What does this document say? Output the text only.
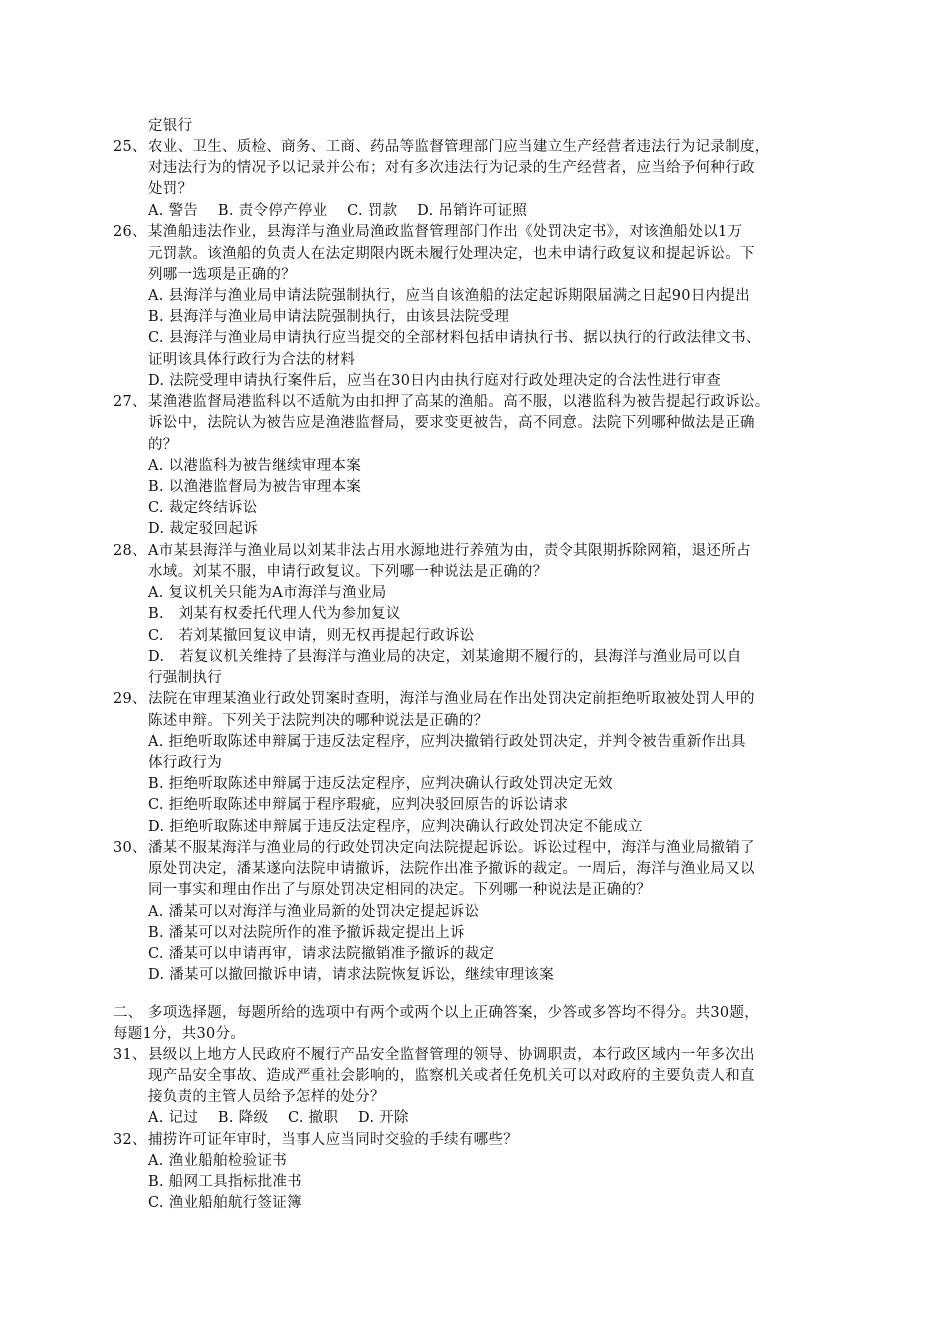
定银行
25、 农业、卫生、质检、商务、工商、药品等监督管理部门应当建立生产经营者违法行为记录制度，
对违法行为的情况予以记录并公布；对有多次违法行为记录的生产经营者，应当给予何种行政
处罚？
A. 警告　 B. 责令停产停业　 C. 罚款　 D. 吊销许可证照
26、 某渔船违法作业，县海洋与渔业局渔政监督管理部门作出《处罚决定书》，对该渔船处以1万
元罚款。该渔船的负责人在法定期限内既未履行处理决定，也未申请行政复议和提起诉讼。下
列哪一选项是正确的？
A. 县海洋与渔业局申请法院强制执行，应当自该渔船的法定起诉期限届满之日起90日内提出
B. 县海洋与渔业局申请法院强制执行，由该县法院受理
C. 县海洋与渔业局申请执行应当提交的全部材料包括申请执行书、据以执行的行政法律文书、
证明该具体行政行为合法的材料
D. 法院受理申请执行案件后，应当在30日内由执行庭对行政处理决定的合法性进行审查
27、 某渔港监督局港监科以不适航为由扣押了高某的渔船。高不服，以港监科为被告提起行政诉讼。
诉讼中，法院认为被告应是渔港监督局，要求变更被告，高不同意。法院下列哪种做法是正确
的？
A. 以港监科为被告继续审理本案
B. 以渔港监督局为被告审理本案
C. 裁定终结诉讼
D. 裁定驳回起诉
28、 A市某县海洋与渔业局以刘某非法占用水源地进行养殖为由，责令其限期拆除网箱，退还所占
水域。刘某不服，申请行政复议。下列哪一种说法是正确的？
A. 复议机关只能为A市海洋与渔业局
B.　刘某有权委托代理人代为参加复议
C.　若刘某撤回复议申请，则无权再提起行政诉讼
D.　若复议机关维持了县海洋与渔业局的决定，刘某逾期不履行的，县海洋与渔业局可以自
行强制执行
29、 法院在审理某渔业行政处罚案时查明，海洋与渔业局在作出处罚决定前拒绝听取被处罚人甲的
陈述申辩。下列关于法院判决的哪种说法是正确的？
A. 拒绝听取陈述申辩属于违反法定程序，应判决撤销行政处罚决定，并判令被告重新作出具
体行政行为
B. 拒绝听取陈述申辩属于违反法定程序，应判决确认行政处罚决定无效
C. 拒绝听取陈述申辩属于程序瑕疵，应判决驳回原告的诉讼请求
D. 拒绝听取陈述申辩属于违反法定程序，应判决确认行政处罚决定不能成立
30、 潘某不服某海洋与渔业局的行政处罚决定向法院提起诉讼。诉讼过程中，海洋与渔业局撤销了
原处罚决定，潘某遂向法院申请撤诉，法院作出准予撤诉的裁定。一周后，海洋与渔业局又以
同一事实和理由作出了与原处罚决定相同的决定。下列哪一种说法是正确的？
A. 潘某可以对海洋与渔业局新的处罚决定提起诉讼
B. 潘某可以对法院所作的准予撤诉裁定提出上诉
C. 潘某可以申请再审，请求法院撤销准予撤诉的裁定
D. 潘某可以撤回撤诉申请，请求法院恢复诉讼，继续审理该案
二、 多项选择题，每题所给的选项中有两个或两个以上正确答案，少答或多答均不得分。共30题，
每题1分，共30分。
31、 县级以上地方人民政府不履行产品安全监督管理的领导、协调职责，本行政区域内一年多次出
现产品安全事故、造成严重社会影响的，监察机关或者任免机关可以对政府的主要负责人和直
接负责的主管人员给予怎样的处分？
A. 记过　 B. 降级　 C. 撤职　 D. 开除
32、 捕捞许可证年审时，当事人应当同时交验的手续有哪些？
A. 渔业船舶检验证书
B. 船网工具指标批准书
C. 渔业船舶航行签证簿
